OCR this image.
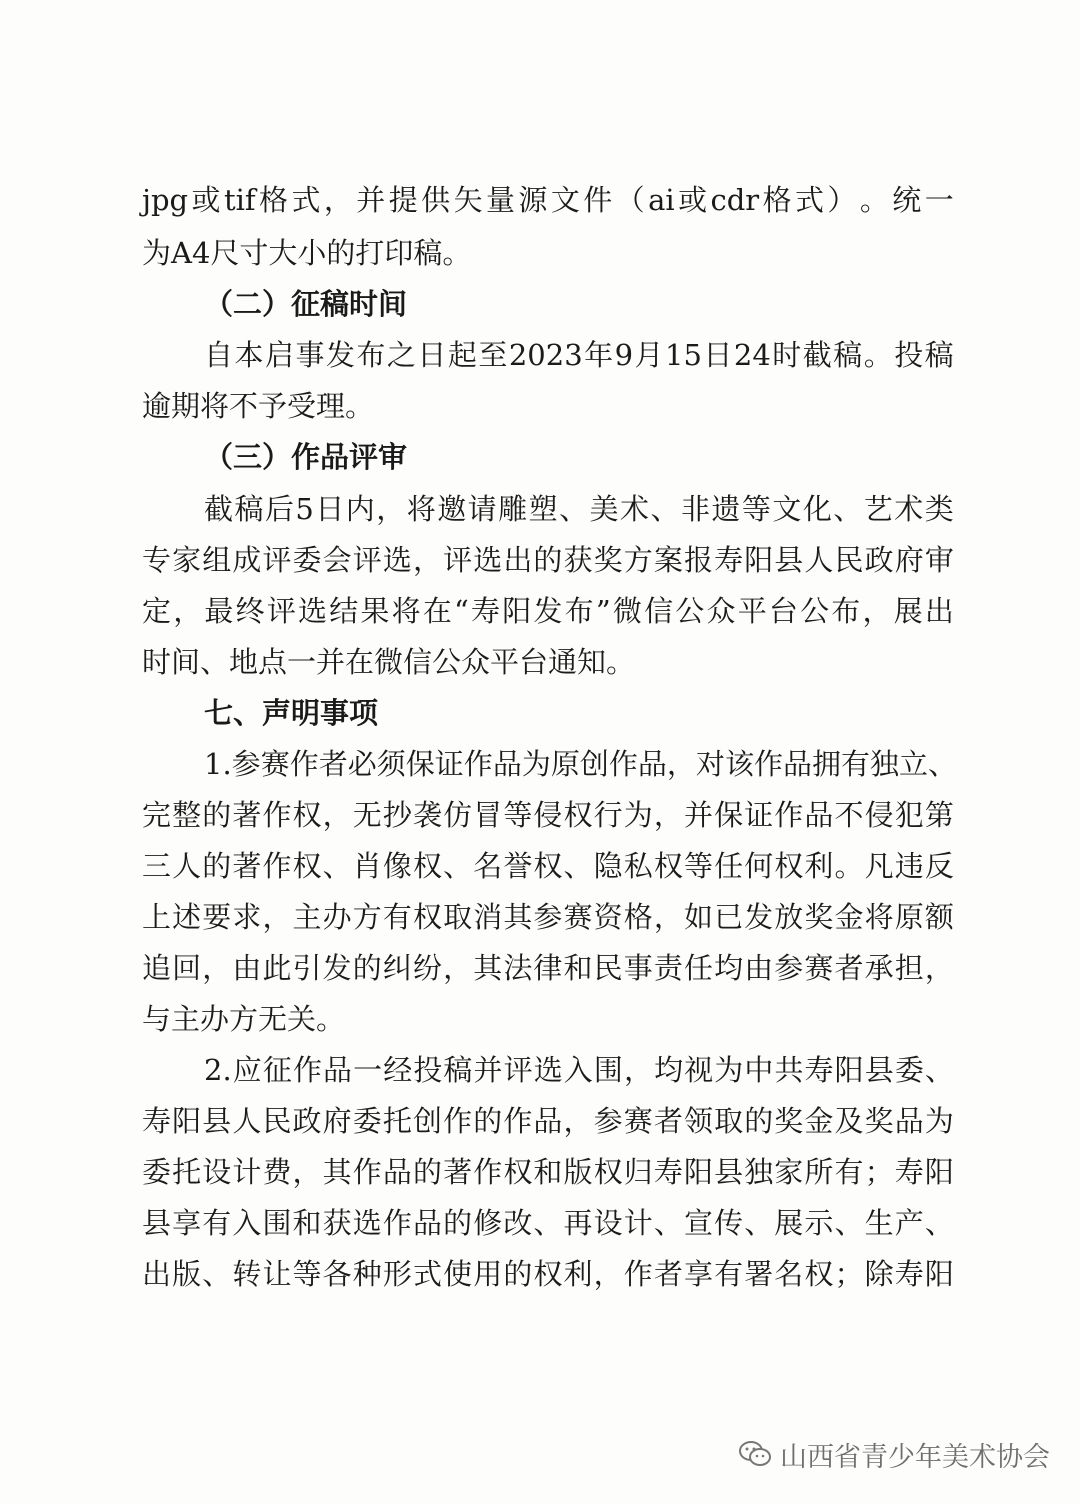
jpg 或 tif 格 式 ， 并 提 供 矢 量 源 文 件 （ ai 或 cdr 格 式 ） 。 统 一
为A4尺寸大小的打印稿。
（二）征稿时间
自 本 启 事 发 布 之 日 起 至 2023 年 9 月 15 日 24 时 截 稿 。 投 稿
逾期将不予受理。
（三）作品评审
截 稿 后 5 日 内 ， 将 邀 请 雕 塑 、 美 术 、 非 遗 等 文 化 、 艺 术 类
专 家 组 成 评 委 会 评 选 ， 评 选 出 的 获 奖 方 案 报 寿 阳 县 人 民 政 府 审
定 ， 最 终 评 选 结 果 将 在 “ 寿 阳 发 布 ” 微 信 公 众 平 台 公 布 ， 展 出
时间、地点一并在微信公众平台通知。
七、声明事项
1. 参 赛 作 者 必 须 保 证 作 品 为 原 创 作 品 ， 对 该 作 品 拥 有 独 立 、
完 整 的 著 作 权 ， 无 抄 袭 仿 冒 等 侵 权 行 为 ， 并 保 证 作 品 不 侵 犯 第
三 人 的 著 作 权 、 肖 像 权 、 名 誉 权 、 隐 私 权 等 任 何 权 利 。 凡 违 反
上 述 要 求 ， 主 办 方 有 权 取 消 其 参 赛 资 格 ， 如 已 发 放 奖 金 将 原 额
追 回 ， 由 此 引 发 的 纠 纷 ， 其 法 律 和 民 事 责 任 均 由 参 赛 者 承 担 ，
与主办方无关。
2. 应 征 作 品 一 经 投 稿 并 评 选 入 围 ， 均 视 为 中 共 寿 阳 县 委 、
寿 阳 县 人 民 政 府 委 托 创 作 的 作 品 ， 参 赛 者 领 取 的 奖 金 及 奖 品 为
委 托 设 计 费 ， 其 作 品 的 著 作 权 和 版 权 归 寿 阳 县 独 家 所 有 ； 寿 阳
县 享 有 入 围 和 获 选 作 品 的 修 改 、 再 设 计 、 宣 传 、 展 示 、 生 产 、
出 版 、 转 让 等 各 种 形 式 使 用 的 权 利 ， 作 者 享 有 署 名 权 ； 除 寿 阳
山西省青少年美术协会
